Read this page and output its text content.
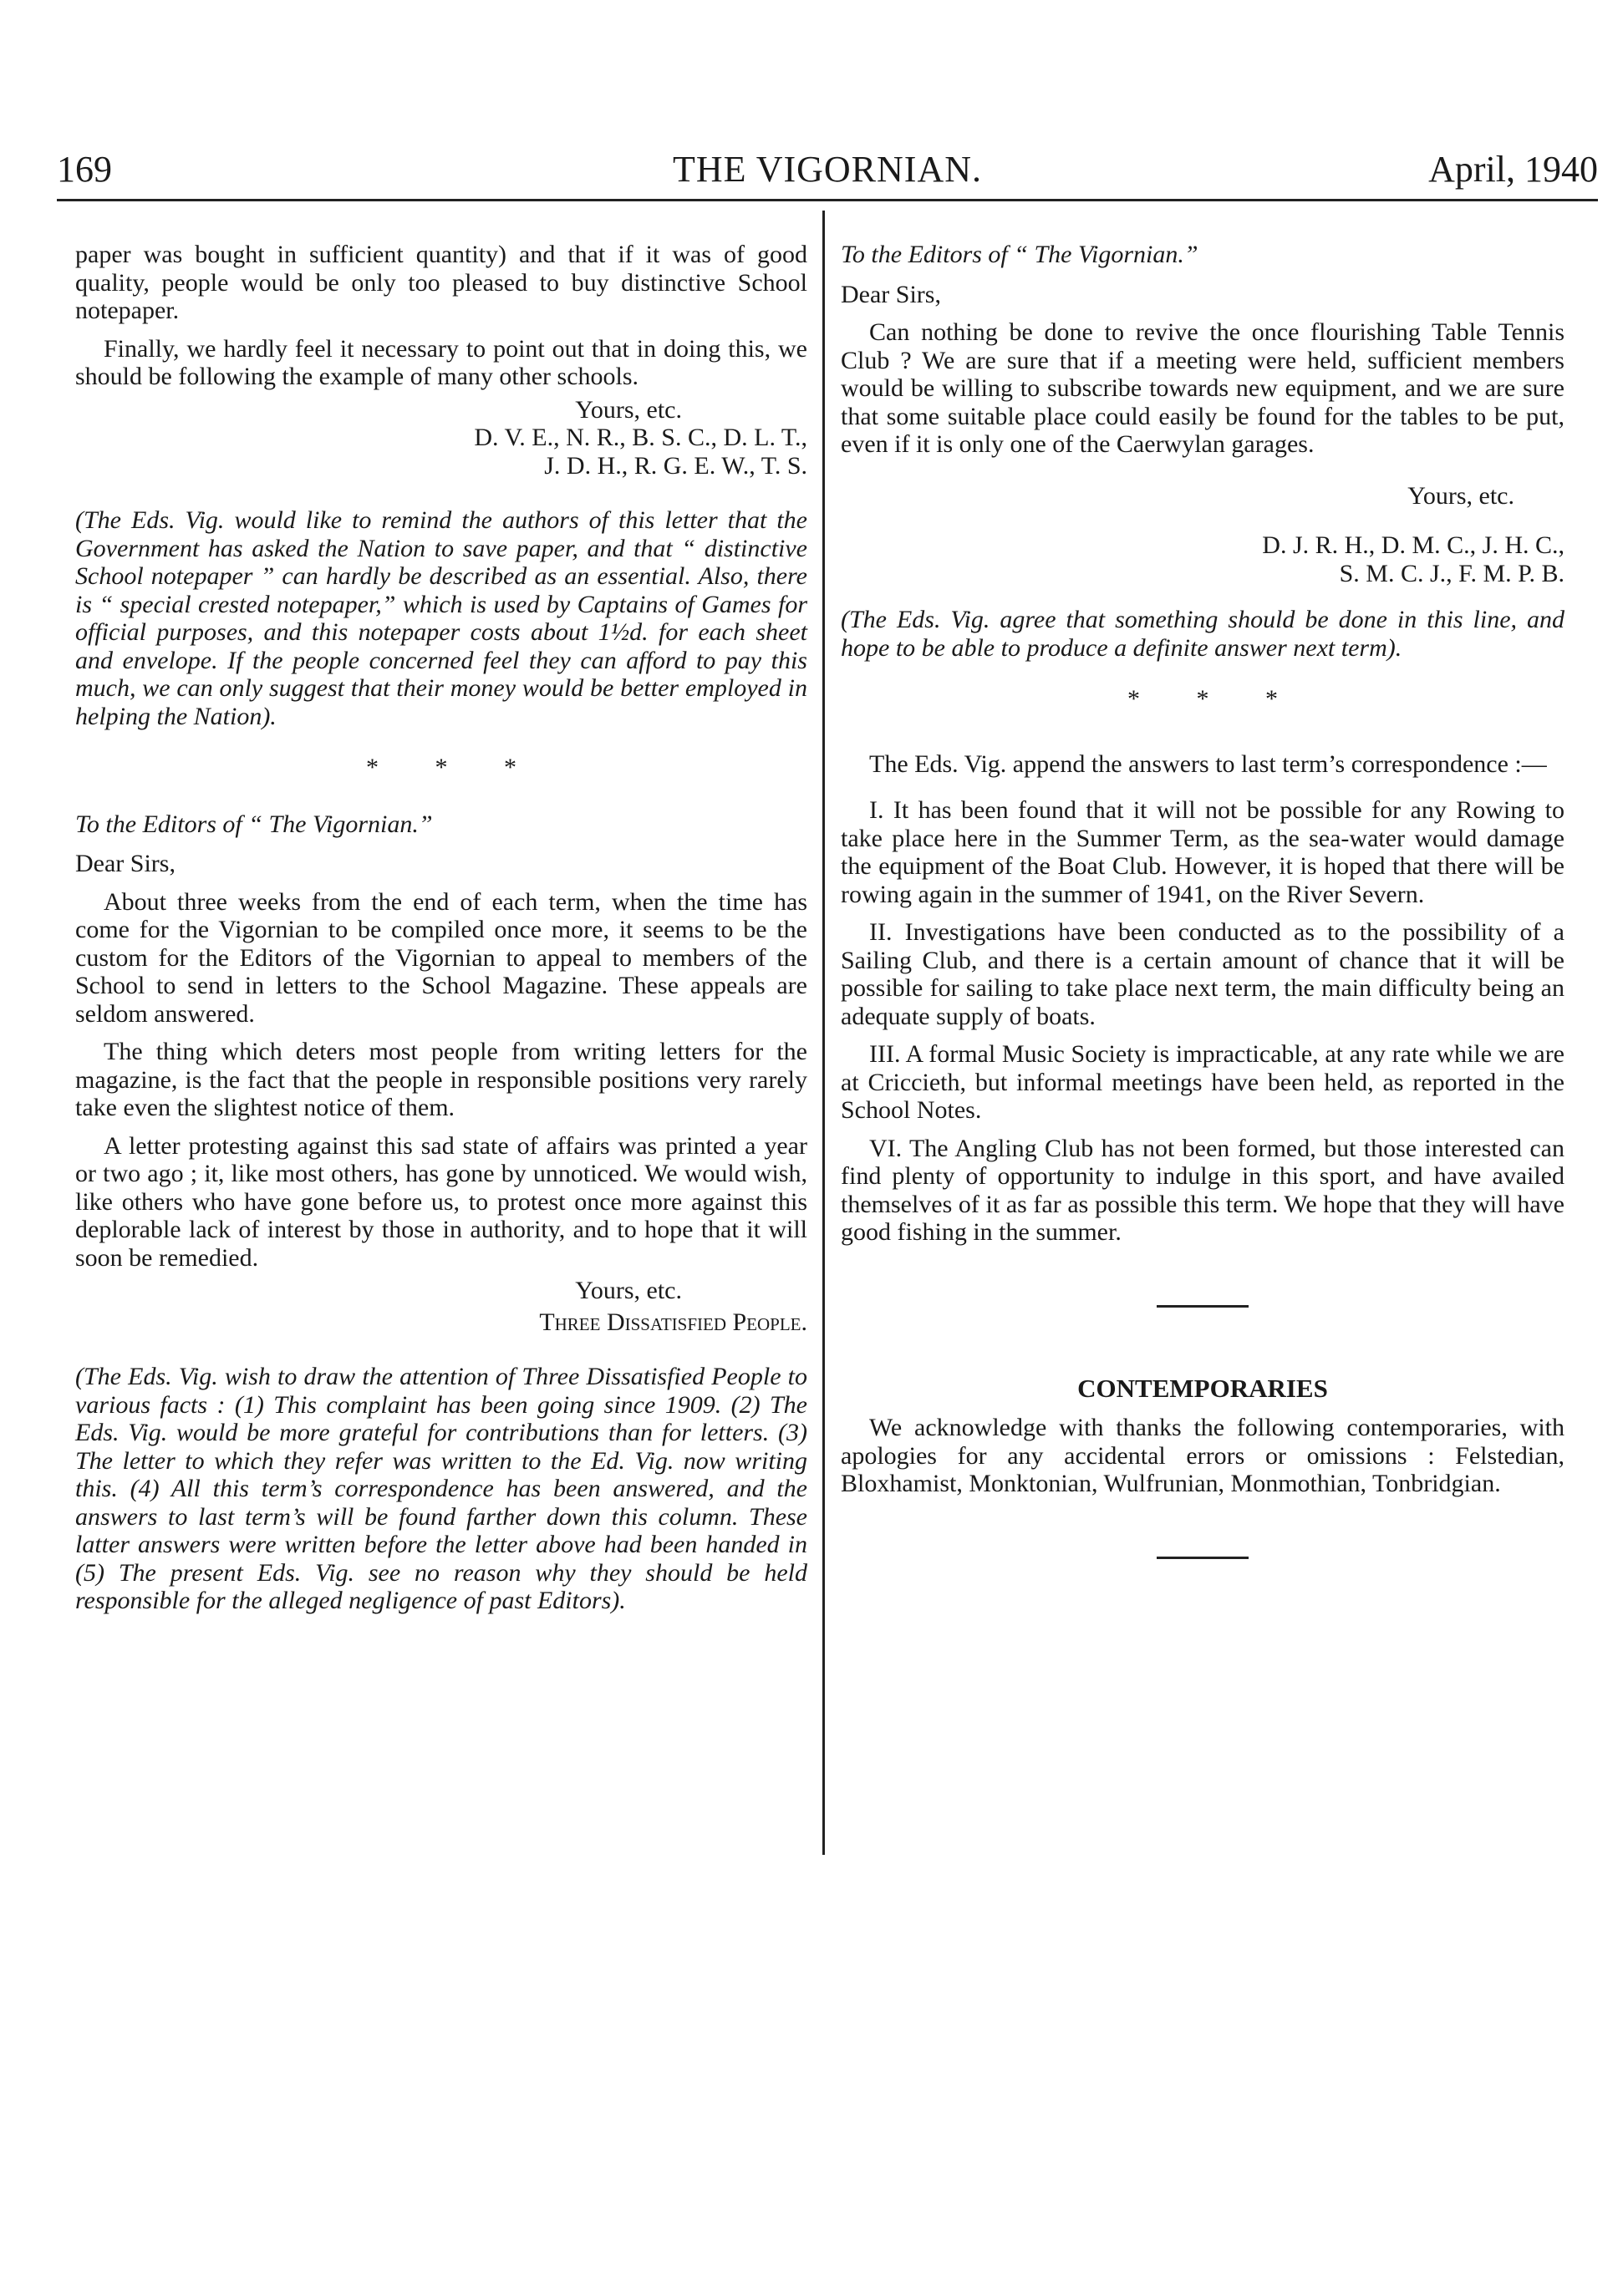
169	THE VIGORNIAN.	April, 1940

paper was bought in sufficient quantity) and that if it was of good quality, people would be only too pleased to buy distinctive School notepaper.

Finally, we hardly feel it necessary to point out that in doing this, we should be following the example of many other schools.

Yours, etc.

D. V. E., N. R., B. S. C., D. L. T.,

J. D. H., R. G. E. W., T. S.

(The Eds. Vig. would like to remind the authors of this letter that the Government has asked the Nation to save paper, and that “ distinctive School notepaper ” can hardly be described as an essential. Also, there is “ special crested notepaper,” which is used by Captains of Games for official purposes, and this notepaper costs about 1½d. for each sheet and envelope. If the people concerned feel they can afford to pay this much, we can only suggest that their money would be better employed in helping the Nation).

* * *

To the Editors of “ The Vigornian.”

Dear Sirs,

About three weeks from the end of each term, when the time has come for the Vigornian to be compiled once more, it seems to be the custom for the Editors of the Vigornian to appeal to members of the School to send in letters to the School Magazine. These appeals are seldom answered.

The thing which deters most people from writing letters for the magazine, is the fact that the people in responsible positions very rarely take even the slightest notice of them.

A letter protesting against this sad state of affairs was printed a year or two ago ; it, like most others, has gone by unnoticed. We would wish, like others who have gone before us, to protest once more against this deplorable lack of interest by those in authority, and to hope that it will soon be remedied.

Yours, etc.

Three Dissatisfied People.

(The Eds. Vig. wish to draw the attention of Three Dissatisfied People to various facts : (1) This complaint has been going since 1909. (2) The Eds. Vig. would be more grateful for contributions than for letters. (3) The letter to which they refer was written to the Ed. Vig. now writing this. (4) All this term’s correspondence has been answered, and the answers to last term’s will be found farther down this column. These latter answers were written before the letter above had been handed in (5) The present Eds. Vig. see no reason why they should be held responsible for the alleged negligence of past Editors).

To the Editors of “ The Vigornian.”

Dear Sirs,

Can nothing be done to revive the once flourishing Table Tennis Club ? We are sure that if a meeting were held, sufficient members would be willing to subscribe towards new equipment, and we are sure that some suitable place could easily be found for the tables to be put, even if it is only one of the Caerwylan garages.

Yours, etc.

D. J. R. H., D. M. C., J. H. C.,

S. M. C. J., F. M. P. B.

(The Eds. Vig. agree that something should be done in this line, and hope to be able to produce a definite answer next term).

* * *

The Eds. Vig. append the answers to last term’s correspondence :—

I. It has been found that it will not be possible for any Rowing to take place here in the Summer Term, as the sea-water would damage the equipment of the Boat Club. However, it is hoped that there will be rowing again in the summer of 1941, on the River Severn.

II. Investigations have been conducted as to the possibility of a Sailing Club, and there is a certain amount of chance that it will be possible for sailing to take place next term, the main difficulty being an adequate supply of boats.

III. A formal Music Society is impracticable, at any rate while we are at Criccieth, but informal meetings have been held, as reported in the School Notes.

VI. The Angling Club has not been formed, but those interested can find plenty of opportunity to indulge in this sport, and have availed themselves of it as far as possible this term. We hope that they will have good fishing in the summer.

CONTEMPORARIES

We acknowledge with thanks the following contemporaries, with apologies for any accidental errors or omissions : Felstedian, Bloxhamist, Monktonian, Wulfrunian, Monmothian, Tonbridgian.
